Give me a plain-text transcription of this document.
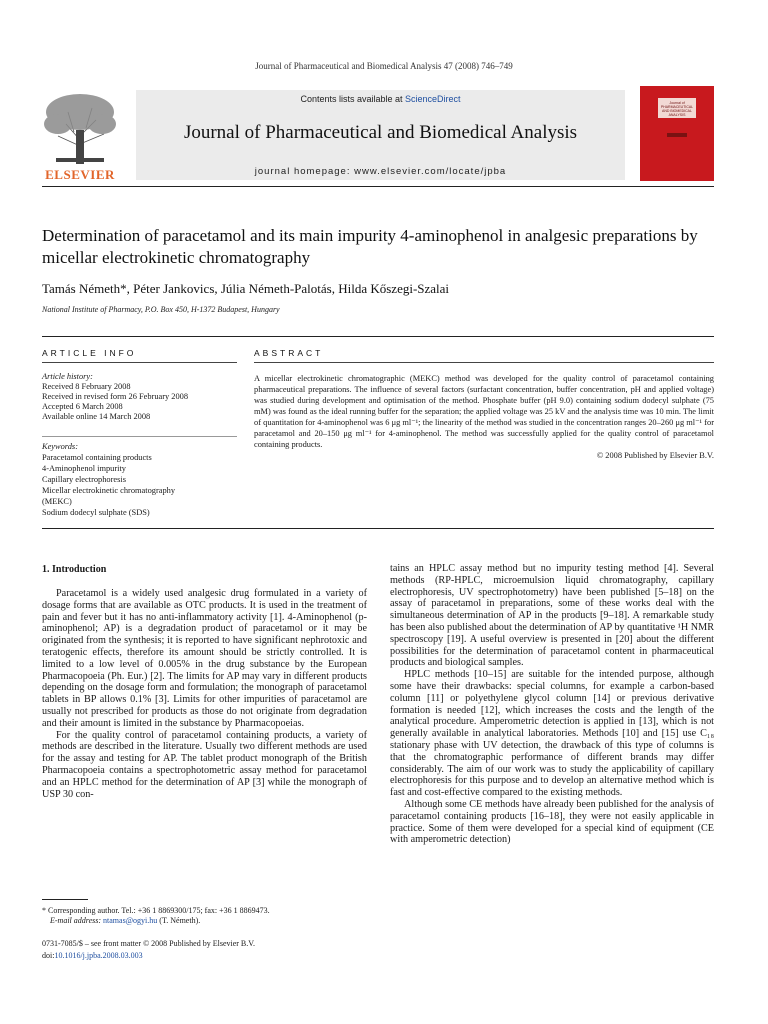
Journal of Pharmaceutical and Biomedical Analysis 47 (2008) 746–749
ELSEVIER
Contents lists available at ScienceDirect
Journal of Pharmaceutical and Biomedical Analysis
journal homepage: www.elsevier.com/locate/jpba
Journal of PHARMACEUTICAL AND BIOMEDICAL ANALYSIS
Determination of paracetamol and its main impurity 4-aminophenol in analgesic preparations by micellar electrokinetic chromatography
Tamás Németh*, Péter Jankovics, Júlia Németh-Palotás, Hilda Kőszegi-Szalai
National Institute of Pharmacy, P.O. Box 450, H-1372 Budapest, Hungary
ARTICLE INFO	ABSTRACT
Article history:
Received 8 February 2008
Received in revised form 26 February 2008
Accepted 6 March 2008
Available online 14 March 2008
Keywords:
Paracetamol containing products
4-Aminophenol impurity
Capillary electrophoresis
Micellar electrokinetic chromatography
(MEKC)
Sodium dodecyl sulphate (SDS)
A micellar electrokinetic chromatographic (MEKC) method was developed for the quality control of paracetamol containing pharmaceutical preparations. The influence of several factors (surfactant concentration, buffer concentration, pH and applied voltage) was studied during development and optimisation of the method. Phosphate buffer (pH 9.0) containing sodium dodecyl sulphate (75 mM) was found as the ideal running buffer for the separation; the applied voltage was 25 kV and the analysis time was 10 min. The limit of quantitation for 4-aminophenol was 6 μg ml⁻¹; the linearity of the method was studied in the concentration ranges 20–260 μg ml⁻¹ for paracetamol and 20–150 μg ml⁻¹ for 4-aminophenol. The method was successfully applied for the quality control of paracetamol containing products.
© 2008 Published by Elsevier B.V.
1. Introduction

Paracetamol is a widely used analgesic drug formulated in a variety of dosage forms that are available as OTC products. It is used in the treatment of pain and fever but it has no anti-inflammatory activity [1]. 4-Aminophenol (p-aminophenol; AP) is a degradation product of paracetamol or it may be originated from the synthesis; it is reported to have significant nephrotoxic and teratogenic effects, therefore its amount should be strictly controlled. It is limited to a low level of 0.005% in the drug substance by the European Pharmacopoeia (Ph. Eur.) [2]. The limits for AP may vary in different products depending on the dosage form and formulation; the monograph of paracetamol tablets in BP allows 0.1% [3]. Limits for other impurities of paracetamol are usually not prescribed for products as those do not originate from degradation and their amount is limited in the substance by Pharmacopoeias.

For the quality control of paracetamol containing products, a variety of methods are described in the literature. Usually two different methods are used for the assay and testing for AP. The tablet product monograph of the British Pharmacopoeia contains a spectrophotometric assay method for paracetamol and an HPLC method for the determination of AP [3] while the monograph of USP 30 con-

tains an HPLC assay method but no impurity testing method [4]. Several methods (RP-HPLC, microemulsion liquid chromatography, capillary electrophoresis, UV spectrophotometry) have been published [5–18] on the assay of paracetamol in preparations, some of these works deal with the simultaneous determination of AP in the products [9–18]. A remarkable study has been also published about the determination of AP by quantitative ¹H NMR spectroscopy [19]. A useful overview is presented in [20] about the different possibilities for the determination of paracetamol content in pharmaceutical products and biological samples.

HPLC methods [10–15] are suitable for the intended purpose, although some have their drawbacks: special columns, for example a carbon-based column [11] or polyethylene glycol column [14] or previous derivative formation is needed [12], which increases the costs and the length of the analytical procedure. Amperometric detection is applied in [13], which is not generally available in analytical laboratories. Methods [10] and [15] use C₁₈ stationary phase with UV detection, the drawback of this type of columns is that the chromatographic performance of different brands may differ considerably. The aim of our work was to study the applicability of capillary electrophoresis for this purpose and to develop an alternative method which is fast and cost-effective compared to the existing methods.

Although some CE methods have already been published for the analysis of paracetamol containing products [16–18], they were not easily applicable in practice. Some of them were developed for a special kind of equipment (CE with amperometric detection)

* Corresponding author. Tel.: +36 1 8869300/175; fax: +36 1 8869473.
E-mail address: ntamas@ogyi.hu (T. Németh).
0731-7085/$ – see front matter © 2008 Published by Elsevier B.V.
doi:10.1016/j.jpba.2008.03.003
